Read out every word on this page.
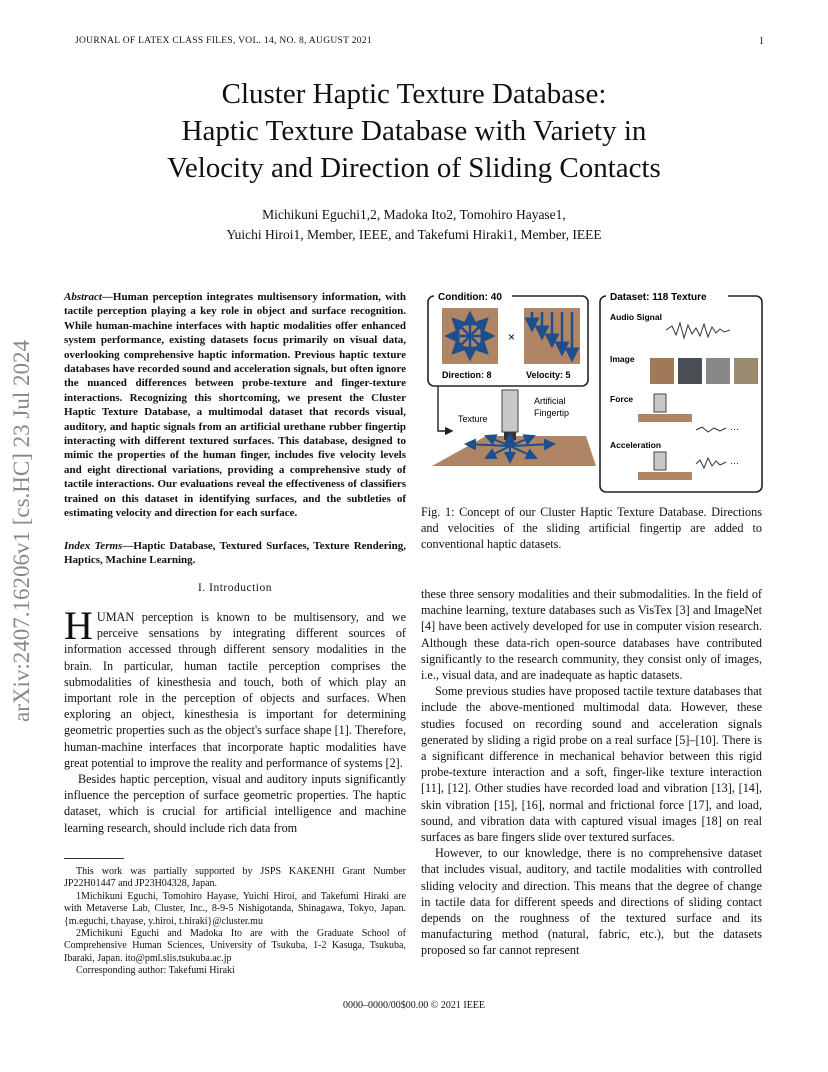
JOURNAL OF LATEX CLASS FILES, VOL. 14, NO. 8, AUGUST 2021	1
arXiv:2407.16206v1 [cs.HC] 23 Jul 2024
Cluster Haptic Texture Database:
Haptic Texture Database with Variety in
Velocity and Direction of Sliding Contacts
Michikuni Eguchi1,2, Madoka Ito2, Tomohiro Hayase1,
Yuichi Hiroi1, Member, IEEE, and Takefumi Hiraki1, Member, IEEE
Abstract—Human perception integrates multisensory information, with tactile perception playing a key role in object and surface recognition. While human-machine interfaces with haptic modalities offer enhanced system performance, existing datasets focus primarily on visual data, overlooking comprehensive haptic information. Previous haptic texture databases have recorded sound and acceleration signals, but often ignore the nuanced differences between probe-texture and finger-texture interactions. Recognizing this shortcoming, we present the Cluster Haptic Texture Database, a multimodal dataset that records visual, auditory, and haptic signals from an artificial urethane rubber fingertip interacting with different textured surfaces. This database, designed to mimic the properties of the human finger, includes five velocity levels and eight directional variations, providing a comprehensive study of tactile interactions. Our evaluations reveal the effectiveness of classifiers trained on this dataset in identifying surfaces, and the subtleties of estimating velocity and direction for each surface.
Index Terms—Haptic Database, Textured Surfaces, Texture Rendering, Haptics, Machine Learning.
I. Introduction

HUMAN perception is known to be multisensory, and we perceive sensations by integrating different sources of information accessed through different sensory modalities in the brain. In particular, human tactile perception comprises the submodalities of kinesthesia and touch, both of which play an important role in the perception of objects and surfaces. When exploring an object, kinesthesia is important for determining geometric properties such as the object's surface shape [1]. Therefore, human-machine interfaces that incorporate haptic modalities have great potential to improve the reality and performance of systems [2].

Besides haptic perception, visual and auditory inputs significantly influence the perception of surface geometric properties. The haptic dataset, which is crucial for artificial intelligence and machine learning research, should include rich data from

This work was partially supported by JSPS KAKENHI Grant Number JP22H01447 and JP23H04328, Japan.

1Michikuni Eguchi, Tomohiro Hayase, Yuichi Hiroi, and Takefumi Hiraki are with Metaverse Lab, Cluster, Inc., 8-9-5 Nishigotanda, Shinagawa, Tokyo, Japan. {m.eguchi, t.hayase, y.hiroi, t.hiraki}@cluster.mu

2Michikuni Eguchi and Madoka Ito are with the Graduate School of Comprehensive Human Sciences, University of Tsukuba, 1-2 Kasuga, Tsukuba, Ibaraki, Japan. ito@pml.slis.tsukuba.ac.jp

Corresponding author: Takefumi Hiraki

Condition: 40
×
Direction: 8	Velocity: 5
Texture
Artificial
Fingertip
Dataset: 118 Texture
Audio Signal
Image
Force
···
Acceleration
···
Fig. 1: Concept of our Cluster Haptic Texture Database. Directions and velocities of the sliding artificial fingertip are added to conventional haptic datasets.

these three sensory modalities and their submodalities. In the field of machine learning, texture databases such as VisTex [3] and ImageNet [4] have been actively developed for use in computer vision research. Although these data-rich open-source databases have contributed significantly to the research community, they consist only of images, i.e., visual data, and are inadequate as haptic datasets.

Some previous studies have proposed tactile texture databases that include the above-mentioned multimodal data. However, these studies focused on recording sound and acceleration signals generated by sliding a rigid probe on a real surface [5]–[10]. There is a significant difference in mechanical behavior between this rigid probe-texture interaction and a soft, finger-like texture interaction [11], [12]. Other studies have recorded load and vibration [13], [14], skin vibration [15], [16], normal and frictional force [17], and load, sound, and vibration data with captured visual images [18] on real surfaces as bare fingers slide over textured surfaces.

However, to our knowledge, there is no comprehensive dataset that includes visual, auditory, and tactile modalities with controlled sliding velocity and direction. This means that the degree of change in tactile data for different speeds and directions of sliding contact depends on the roughness of the textured surface and its manufacturing method (natural, fabric, etc.), but the datasets proposed so far cannot represent

0000–0000/00$00.00 © 2021 IEEE
